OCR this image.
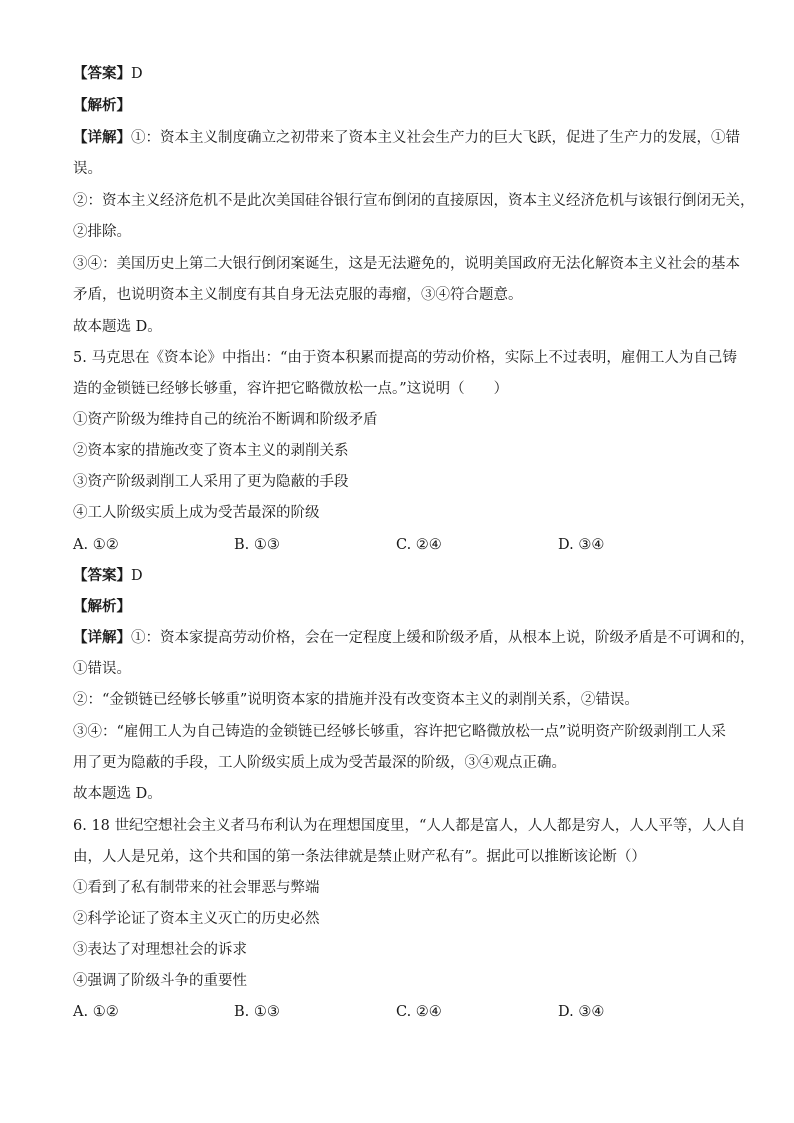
【答案】D
【解析】
【详解】①：资本主义制度确立之初带来了资本主义社会生产力的巨大飞跃，促进了生产力的发展，①错
误。
②：资本主义经济危机不是此次美国硅谷银行宣布倒闭的直接原因，资本主义经济危机与该银行倒闭无关，
②排除。
③④：美国历史上第二大银行倒闭案诞生，这是无法避免的，说明美国政府无法化解资本主义社会的基本
矛盾，也说明资本主义制度有其自身无法克服的毒瘤，③④符合题意。
故本题选 D。
5. 马克思在《资本论》中指出：“由于资本积累而提高的劳动价格，实际上不过表明，雇佣工人为自己铸
造的金锁链已经够长够重，容许把它略微放松一点。”这说明（　　）
①资产阶级为维持自己的统治不断调和阶级矛盾
②资本家的措施改变了资本主义的剥削关系
③资产阶级剥削工人采用了更为隐蔽的手段
④工人阶级实质上成为受苦最深的阶级
A. ①②	B. ①③	C. ②④	D. ③④
【答案】D
【解析】
【详解】①：资本家提高劳动价格，会在一定程度上缓和阶级矛盾，从根本上说，阶级矛盾是不可调和的，
①错误。
②：“金锁链已经够长够重”说明资本家的措施并没有改变资本主义的剥削关系，②错误。
③④：“雇佣工人为自己铸造的金锁链已经够长够重，容许把它略微放松一点”说明资产阶级剥削工人采
用了更为隐蔽的手段，工人阶级实质上成为受苦最深的阶级，③④观点正确。
故本题选 D。
6. 18 世纪空想社会主义者马布利认为在理想国度里，“人人都是富人，人人都是穷人，人人平等，人人自
由，人人是兄弟，这个共和国的第一条法律就是禁止财产私有”。据此可以推断该论断（）
①看到了私有制带来的社会罪恶与弊端
②科学论证了资本主义灭亡的历史必然
③表达了对理想社会的诉求
④强调了阶级斗争的重要性
A. ①②	B. ①③	C. ②④	D. ③④
